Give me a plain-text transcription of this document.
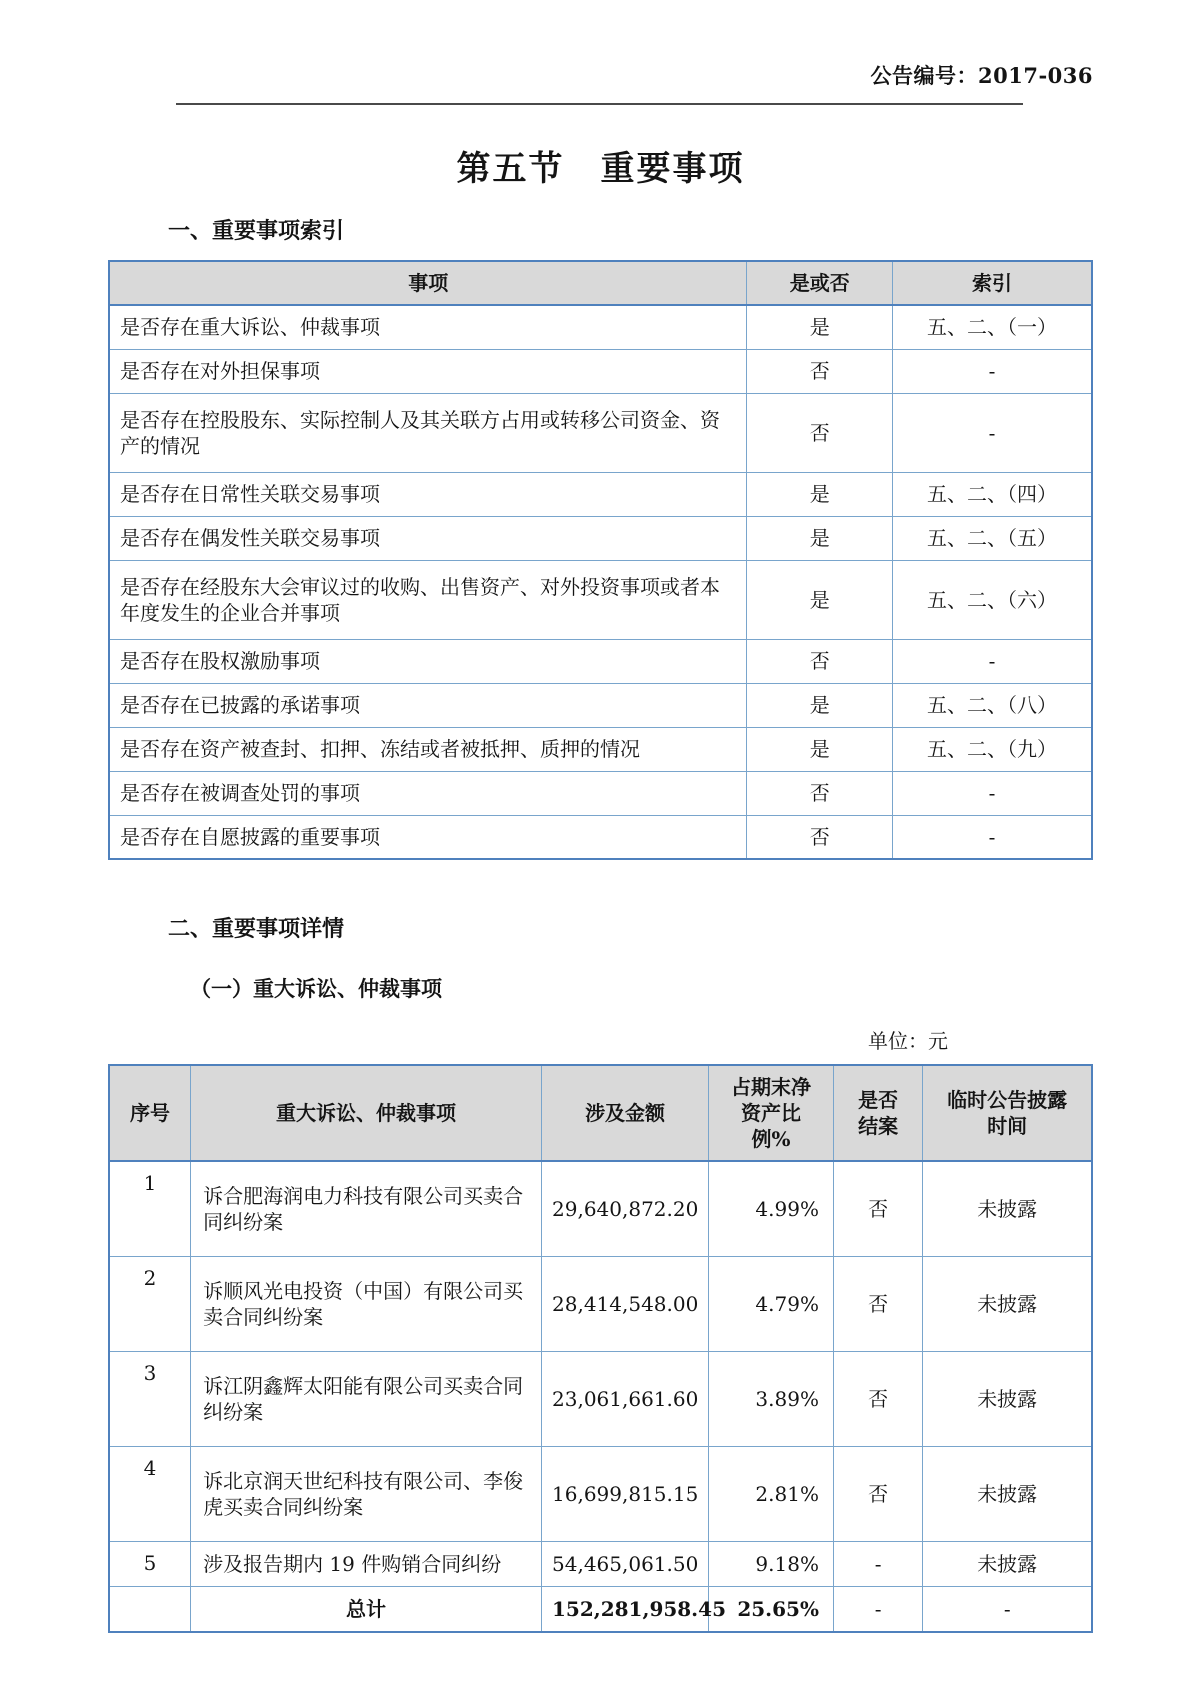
公告编号：2017-036
第五节　重要事项
一、重要事项索引
事项	是或否	索引
是否存在重大诉讼、仲裁事项	是	五、二、（一）
是否存在对外担保事项	否	-
是否存在控股股东、实际控制人及其关联方占用或转移公司资金、资产的情况	否	-
是否存在日常性关联交易事项	是	五、二、（四）
是否存在偶发性关联交易事项	是	五、二、（五）
是否存在经股东大会审议过的收购、出售资产、对外投资事项或者本年度发生的企业合并事项	是	五、二、（六）
是否存在股权激励事项	否	-
是否存在已披露的承诺事项	是	五、二、（八）
是否存在资产被查封、扣押、冻结或者被抵押、质押的情况	是	五、二、（九）
是否存在被调查处罚的事项	否	-
是否存在自愿披露的重要事项	否	-
二、重要事项详情
（一）重大诉讼、仲裁事项
单位：元
序号	重大诉讼、仲裁事项	涉及金额	占期末净资产比例%	是否结案	临时公告披露时间
1	诉合肥海润电力科技有限公司买卖合同纠纷案	29,640,872.20	4.99%	否	未披露
2	诉顺风光电投资（中国）有限公司买卖合同纠纷案	28,414,548.00	4.79%	否	未披露
3	诉江阴鑫辉太阳能有限公司买卖合同纠纷案	23,061,661.60	3.89%	否	未披露
4	诉北京润天世纪科技有限公司、李俊虎买卖合同纠纷案	16,699,815.15	2.81%	否	未披露
5	涉及报告期内 19 件购销合同纠纷	54,465,061.50	9.18%	-	未披露
	总计	152,281,958.45	25.65%	-	-
